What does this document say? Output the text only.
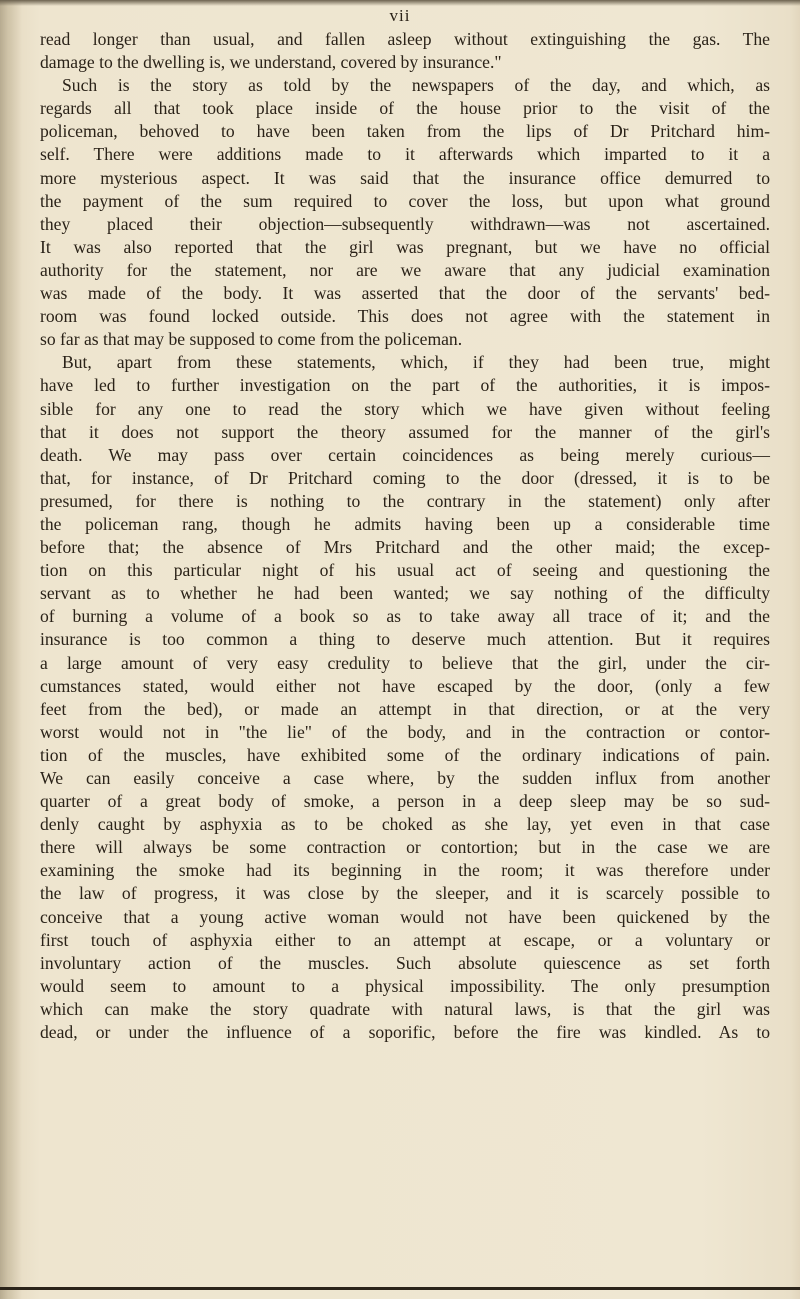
vii
read longer than usual, and fallen asleep without extinguishing the gas. The
damage to the dwelling is, we understand, covered by insurance."
Such is the story as told by the newspapers of the day, and which, as
regards all that took place inside of the house prior to the visit of the
policeman, behoved to have been taken from the lips of Dr Pritchard him-
self. There were additions made to it afterwards which imparted to it a
more mysterious aspect. It was said that the insurance office demurred to
the payment of the sum required to cover the loss, but upon what ground
they placed their objection—subsequently withdrawn—was not ascertained.
It was also reported that the girl was pregnant, but we have no official
authority for the statement, nor are we aware that any judicial examination
was made of the body. It was asserted that the door of the servants' bed-
room was found locked outside. This does not agree with the statement in
so far as that may be supposed to come from the policeman.
But, apart from these statements, which, if they had been true, might
have led to further investigation on the part of the authorities, it is impos-
sible for any one to read the story which we have given without feeling
that it does not support the theory assumed for the manner of the girl's
death. We may pass over certain coincidences as being merely curious—
that, for instance, of Dr Pritchard coming to the door (dressed, it is to be
presumed, for there is nothing to the contrary in the statement) only after
the policeman rang, though he admits having been up a considerable time
before that; the absence of Mrs Pritchard and the other maid; the excep-
tion on this particular night of his usual act of seeing and questioning the
servant as to whether he had been wanted; we say nothing of the difficulty
of burning a volume of a book so as to take away all trace of it; and the
insurance is too common a thing to deserve much attention. But it requires
a large amount of very easy credulity to believe that the girl, under the cir-
cumstances stated, would either not have escaped by the door, (only a few
feet from the bed), or made an attempt in that direction, or at the very
worst would not in "the lie" of the body, and in the contraction or contor-
tion of the muscles, have exhibited some of the ordinary indications of pain.
We can easily conceive a case where, by the sudden influx from another
quarter of a great body of smoke, a person in a deep sleep may be so sud-
denly caught by asphyxia as to be choked as she lay, yet even in that case
there will always be some contraction or contortion; but in the case we are
examining the smoke had its beginning in the room; it was therefore under
the law of progress, it was close by the sleeper, and it is scarcely possible to
conceive that a young active woman would not have been quickened by the
first touch of asphyxia either to an attempt at escape, or a voluntary or
involuntary action of the muscles. Such absolute quiescence as set forth
would seem to amount to a physical impossibility. The only presumption
which can make the story quadrate with natural laws, is that the girl was
dead, or under the influence of a soporific, before the fire was kindled. As to
